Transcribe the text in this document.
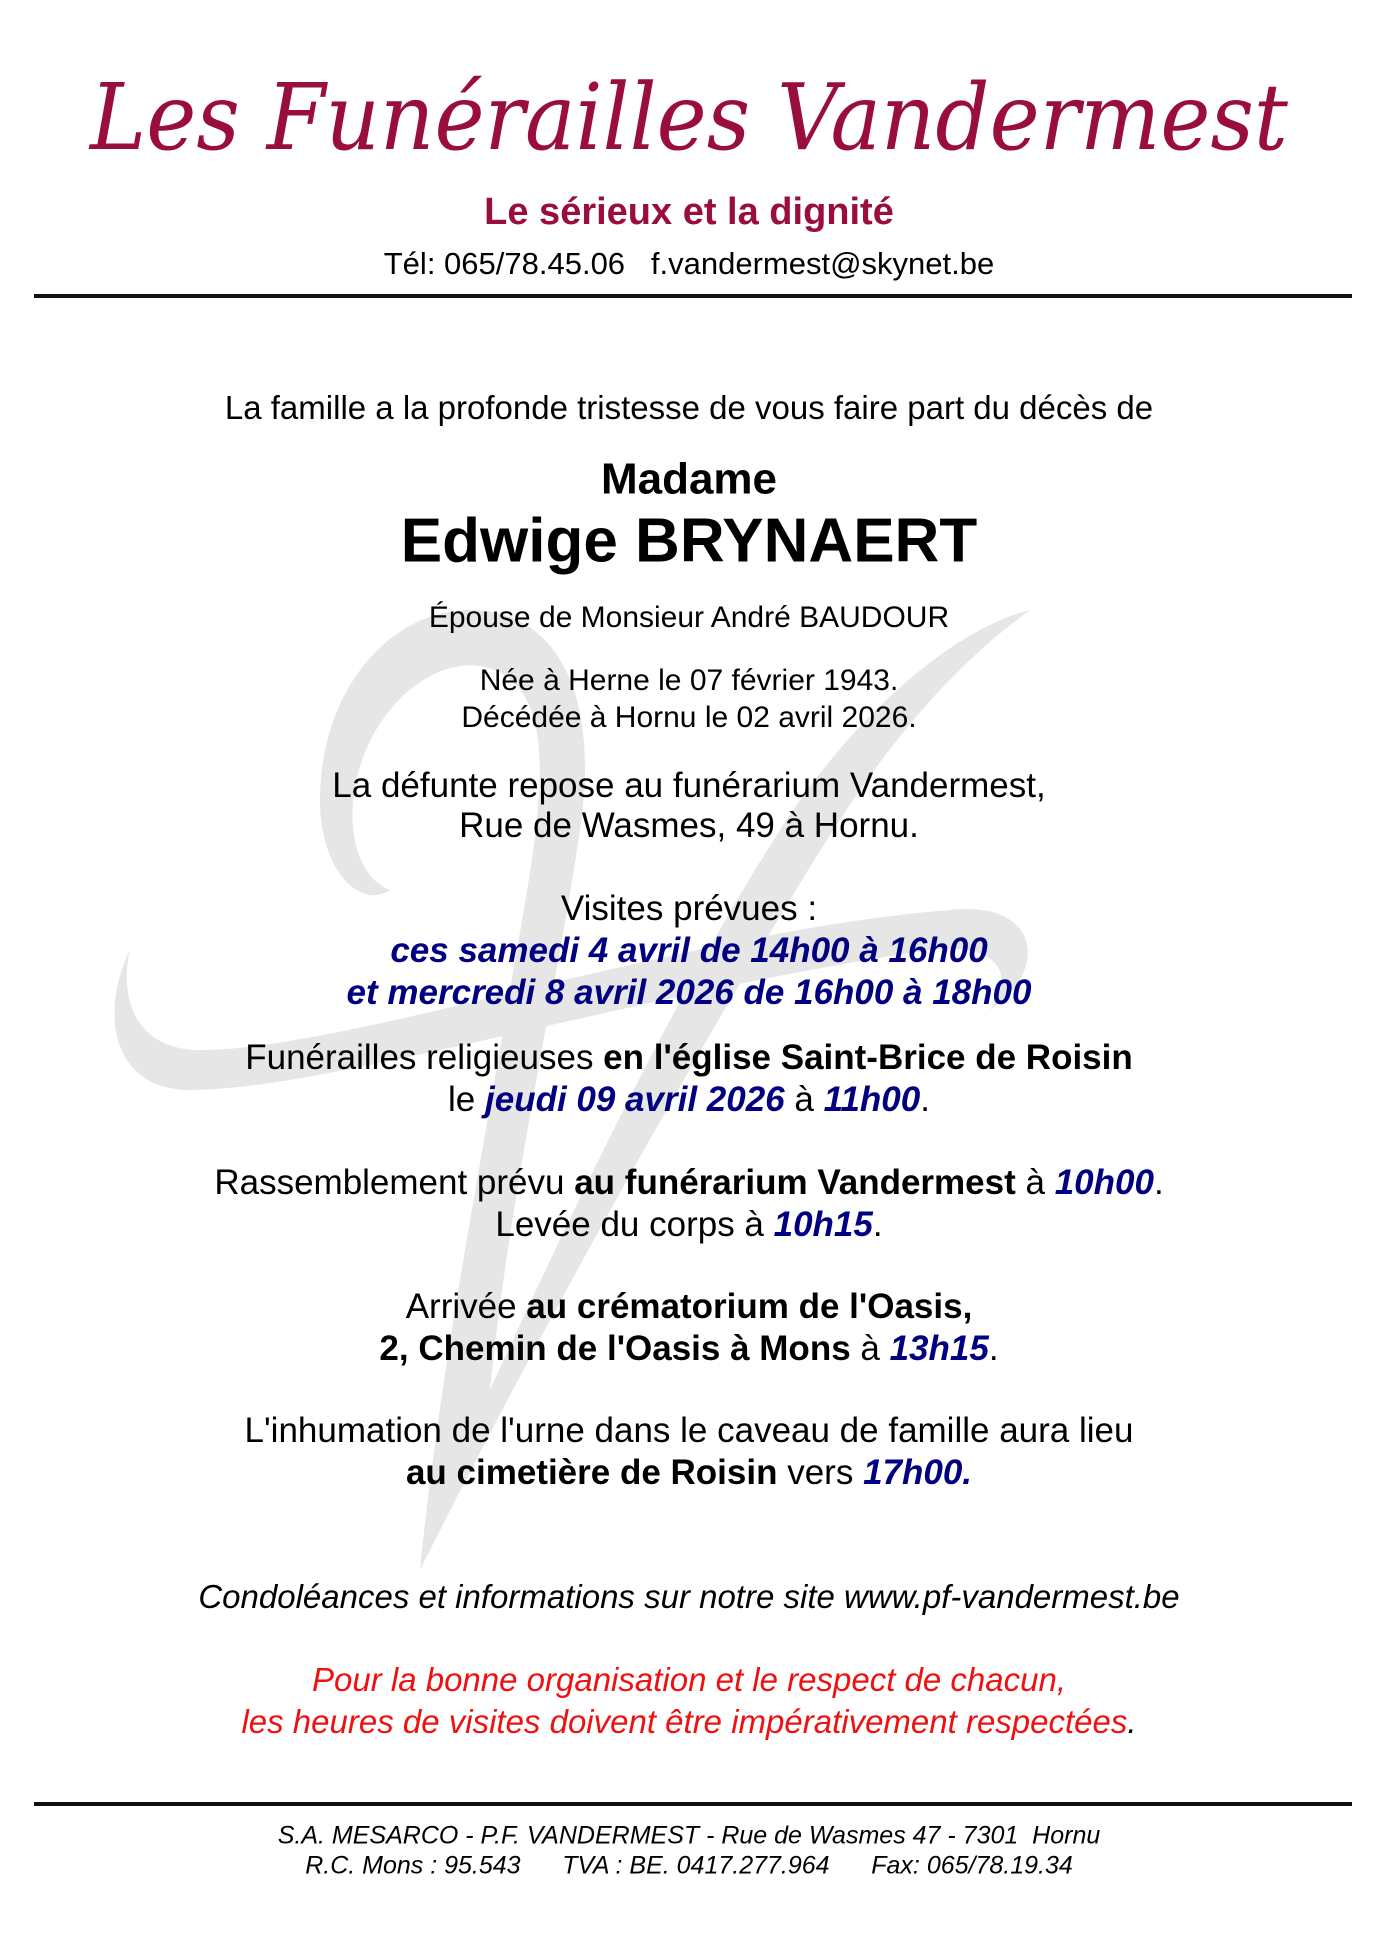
Les Funérailles Vandermest
Le sérieux et la dignité
Tél: 065/78.45.06   f.vandermest@skynet.be
La famille a la profonde tristesse de vous faire part du décès de
Madame
Edwige BRYNAERT
Épouse de Monsieur André BAUDOUR
Née à Herne le 07 février 1943.
Décédée à Hornu le 02 avril 2026.
La défunte repose au funérarium Vandermest,
Rue de Wasmes, 49 à Hornu.
Visites prévues :
ces samedi 4 avril de 14h00 à 16h00
et mercredi 8 avril 2026 de 16h00 à 18h00
Funérailles religieuses en l'église Saint-Brice de Roisin
le jeudi 09 avril 2026 à 11h00.
Rassemblement prévu au funérarium Vandermest à 10h00.
Levée du corps à 10h15.
Arrivée au crématorium de l'Oasis,
2, Chemin de l'Oasis à Mons à 13h15.
L'inhumation de l'urne dans le caveau de famille aura lieu
au cimetière de Roisin vers 17h00.
Condoléances et informations sur notre site www.pf-vandermest.be
Pour la bonne organisation et le respect de chacun,
les heures de visites doivent être impérativement respectées.
S.A. MESARCO - P.F. VANDERMEST - Rue de Wasmes 47 - 7301  Hornu
R.C. Mons : 95.543      TVA : BE. 0417.277.964      Fax: 065/78.19.34
